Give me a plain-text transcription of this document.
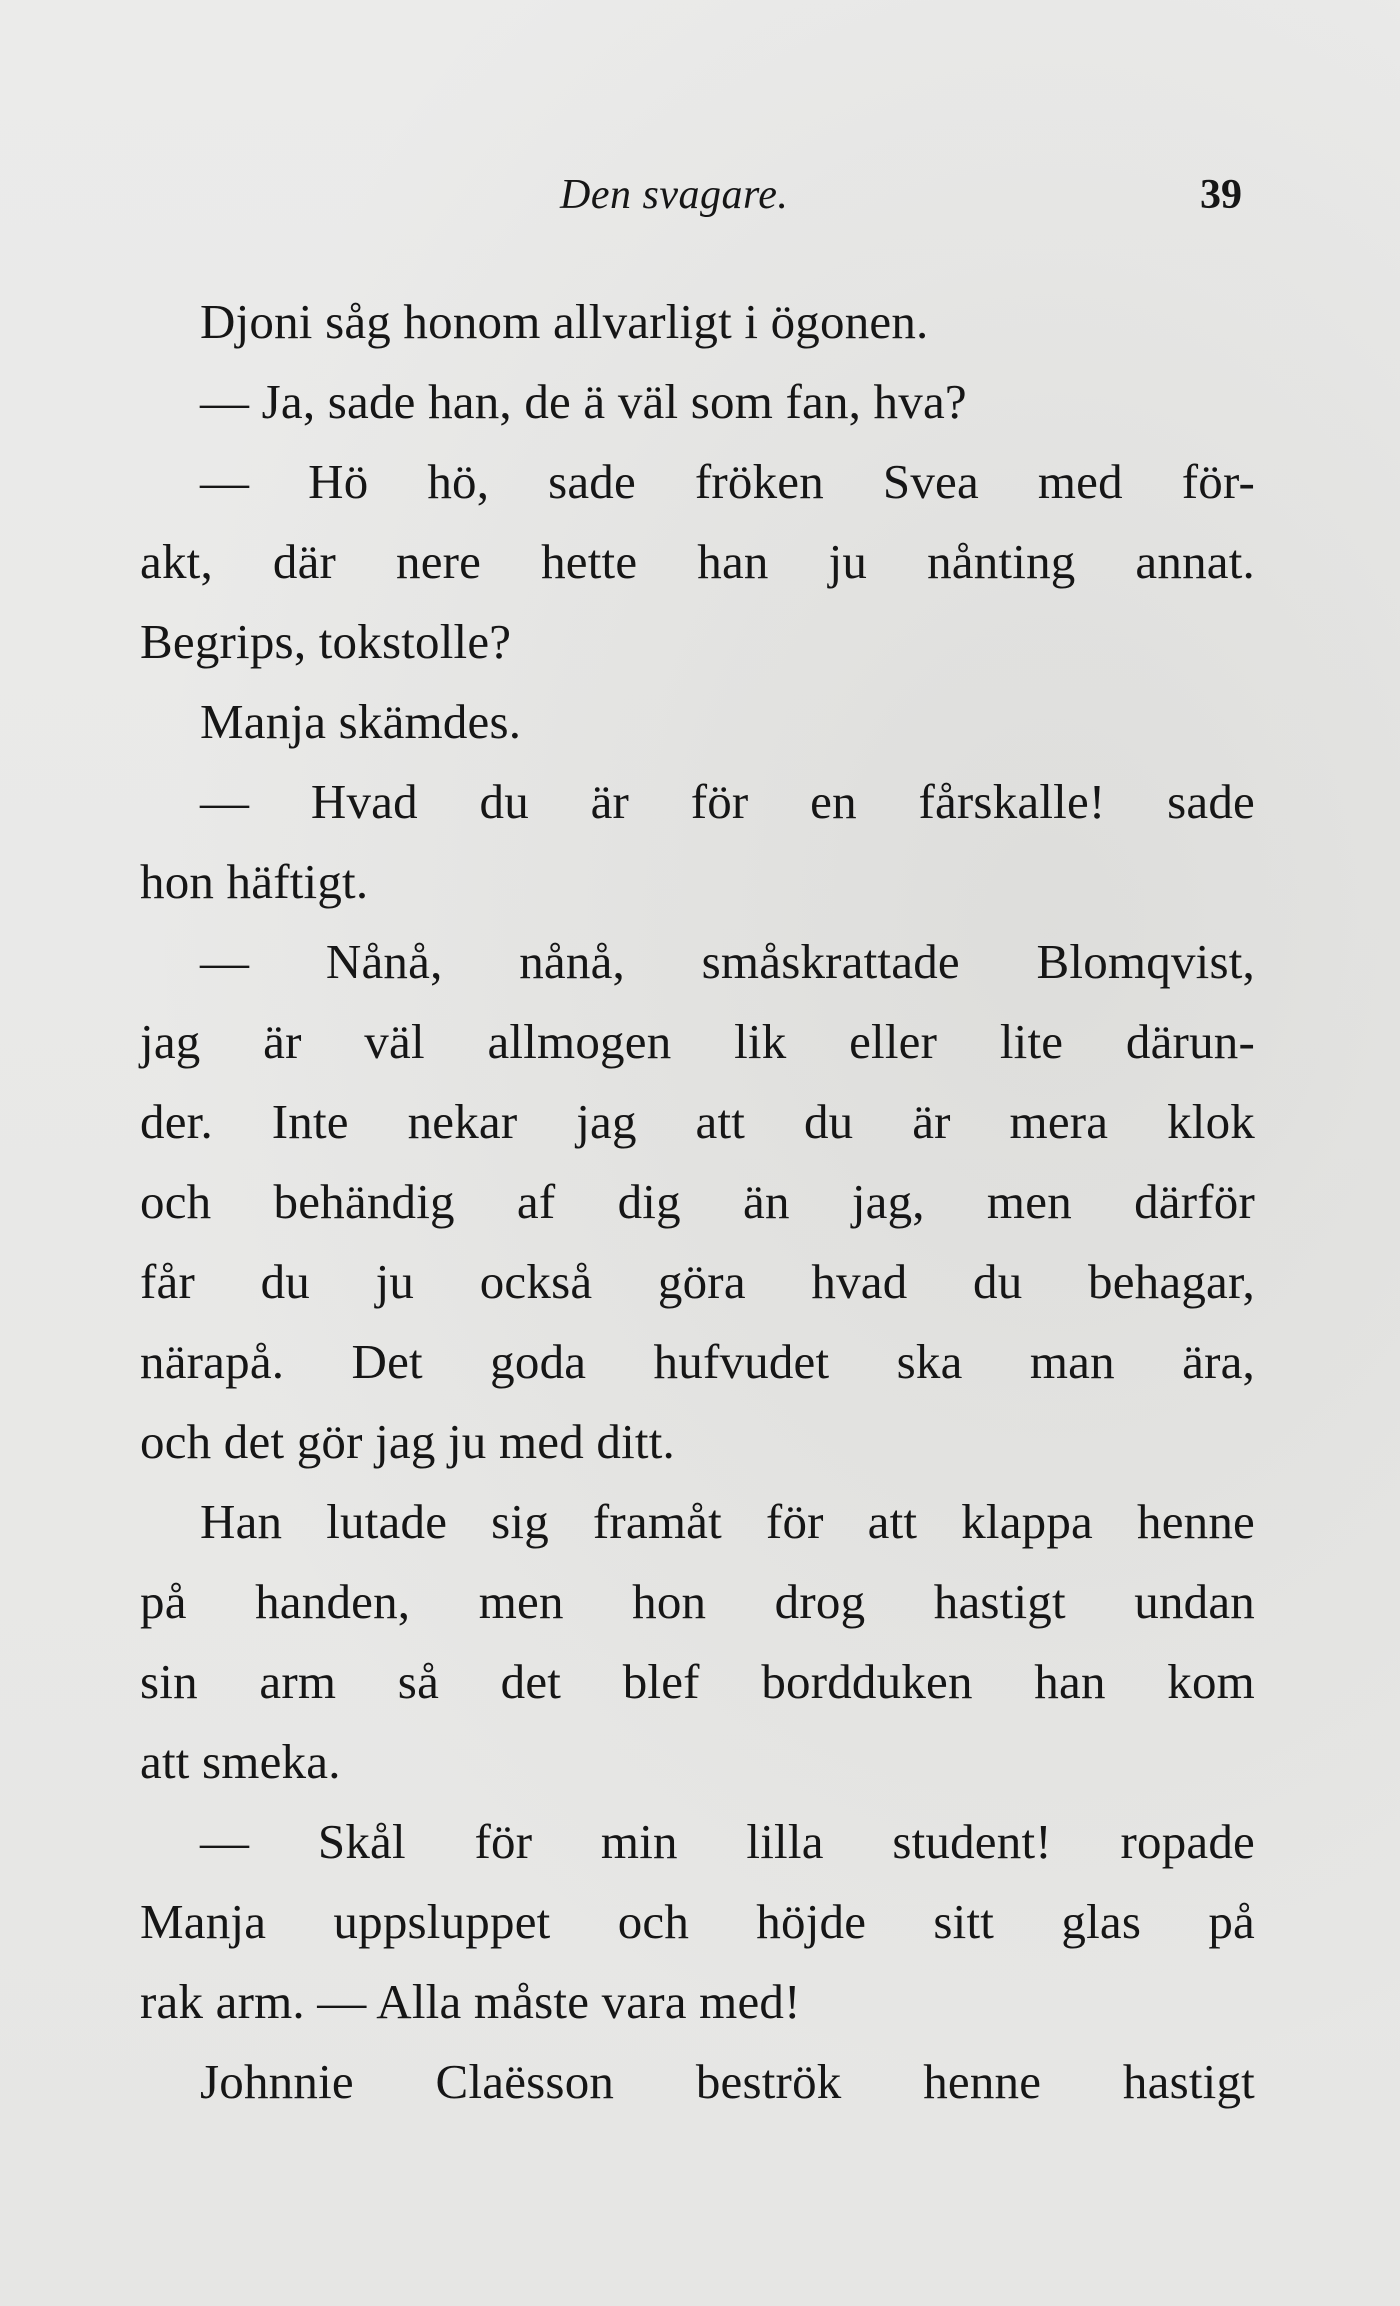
Den svagare.	39
Djoni såg honom allvarligt i ögonen.
— Ja, sade han, de ä väl som fan, hva?
— Hö hö, sade fröken Svea med för-
akt, där nere hette han ju nånting annat.
Begrips, tokstolle?
Manja skämdes.
— Hvad du är för en fårskalle! sade
hon häftigt.
— Nånå, nånå, småskrattade Blomqvist,
jag är väl allmogen lik eller lite därun-
der. Inte nekar jag att du är mera klok
och behändig af dig än jag, men därför
får du ju också göra hvad du behagar,
närapå. Det goda hufvudet ska man ära,
och det gör jag ju med ditt.
Han lutade sig framåt för att klappa henne
på handen, men hon drog hastigt undan
sin arm så det blef bordduken han kom
att smeka.
— Skål för min lilla student! ropade
Manja uppsluppet och höjde sitt glas på
rak arm. — Alla måste vara med!
Johnnie Claësson beströk henne hastigt
